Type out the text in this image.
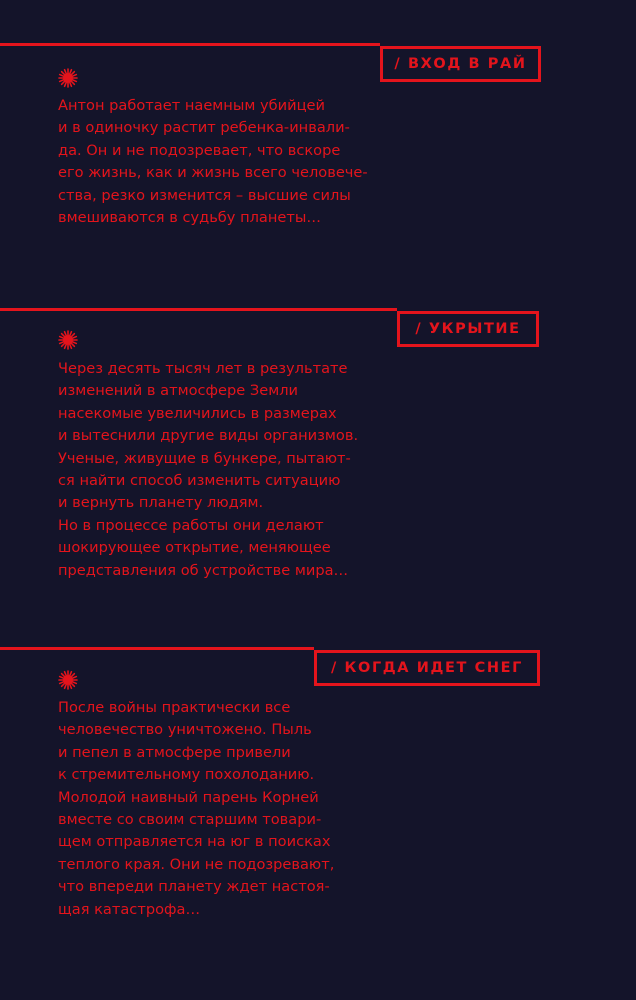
/ ВХОД В РАЙ

Антон работает наемным убийцей
и в одиночку растит ребенка-инвали-
да. Он и не подозревает, что вскоре
его жизнь, как и жизнь всего человече-
ства, резко изменится – высшие силы
вмешиваются в судьбу планеты…

/ УКРЫТИЕ

Через десять тысяч лет в результате
изменений в атмосфере Земли
насекомые увеличились в размерах
и вытеснили другие виды организмов.
Ученые, живущие в бункере, пытают-
ся найти способ изменить ситуацию
и вернуть планету людям.
Но в процессе работы они делают
шокирующее открытие, меняющее
представления об устройстве мира…

/ КОГДА ИДЕТ СНЕГ

После войны практически все
человечество уничтожено. Пыль
и пепел в атмосфере привели
к стремительному похолоданию.
Молодой наивный парень Корней
вместе со своим старшим товари-
щем отправляется на юг в поисках
теплого края. Они не подозревают,
что впереди планету ждет настоя-
щая катастрофа…
